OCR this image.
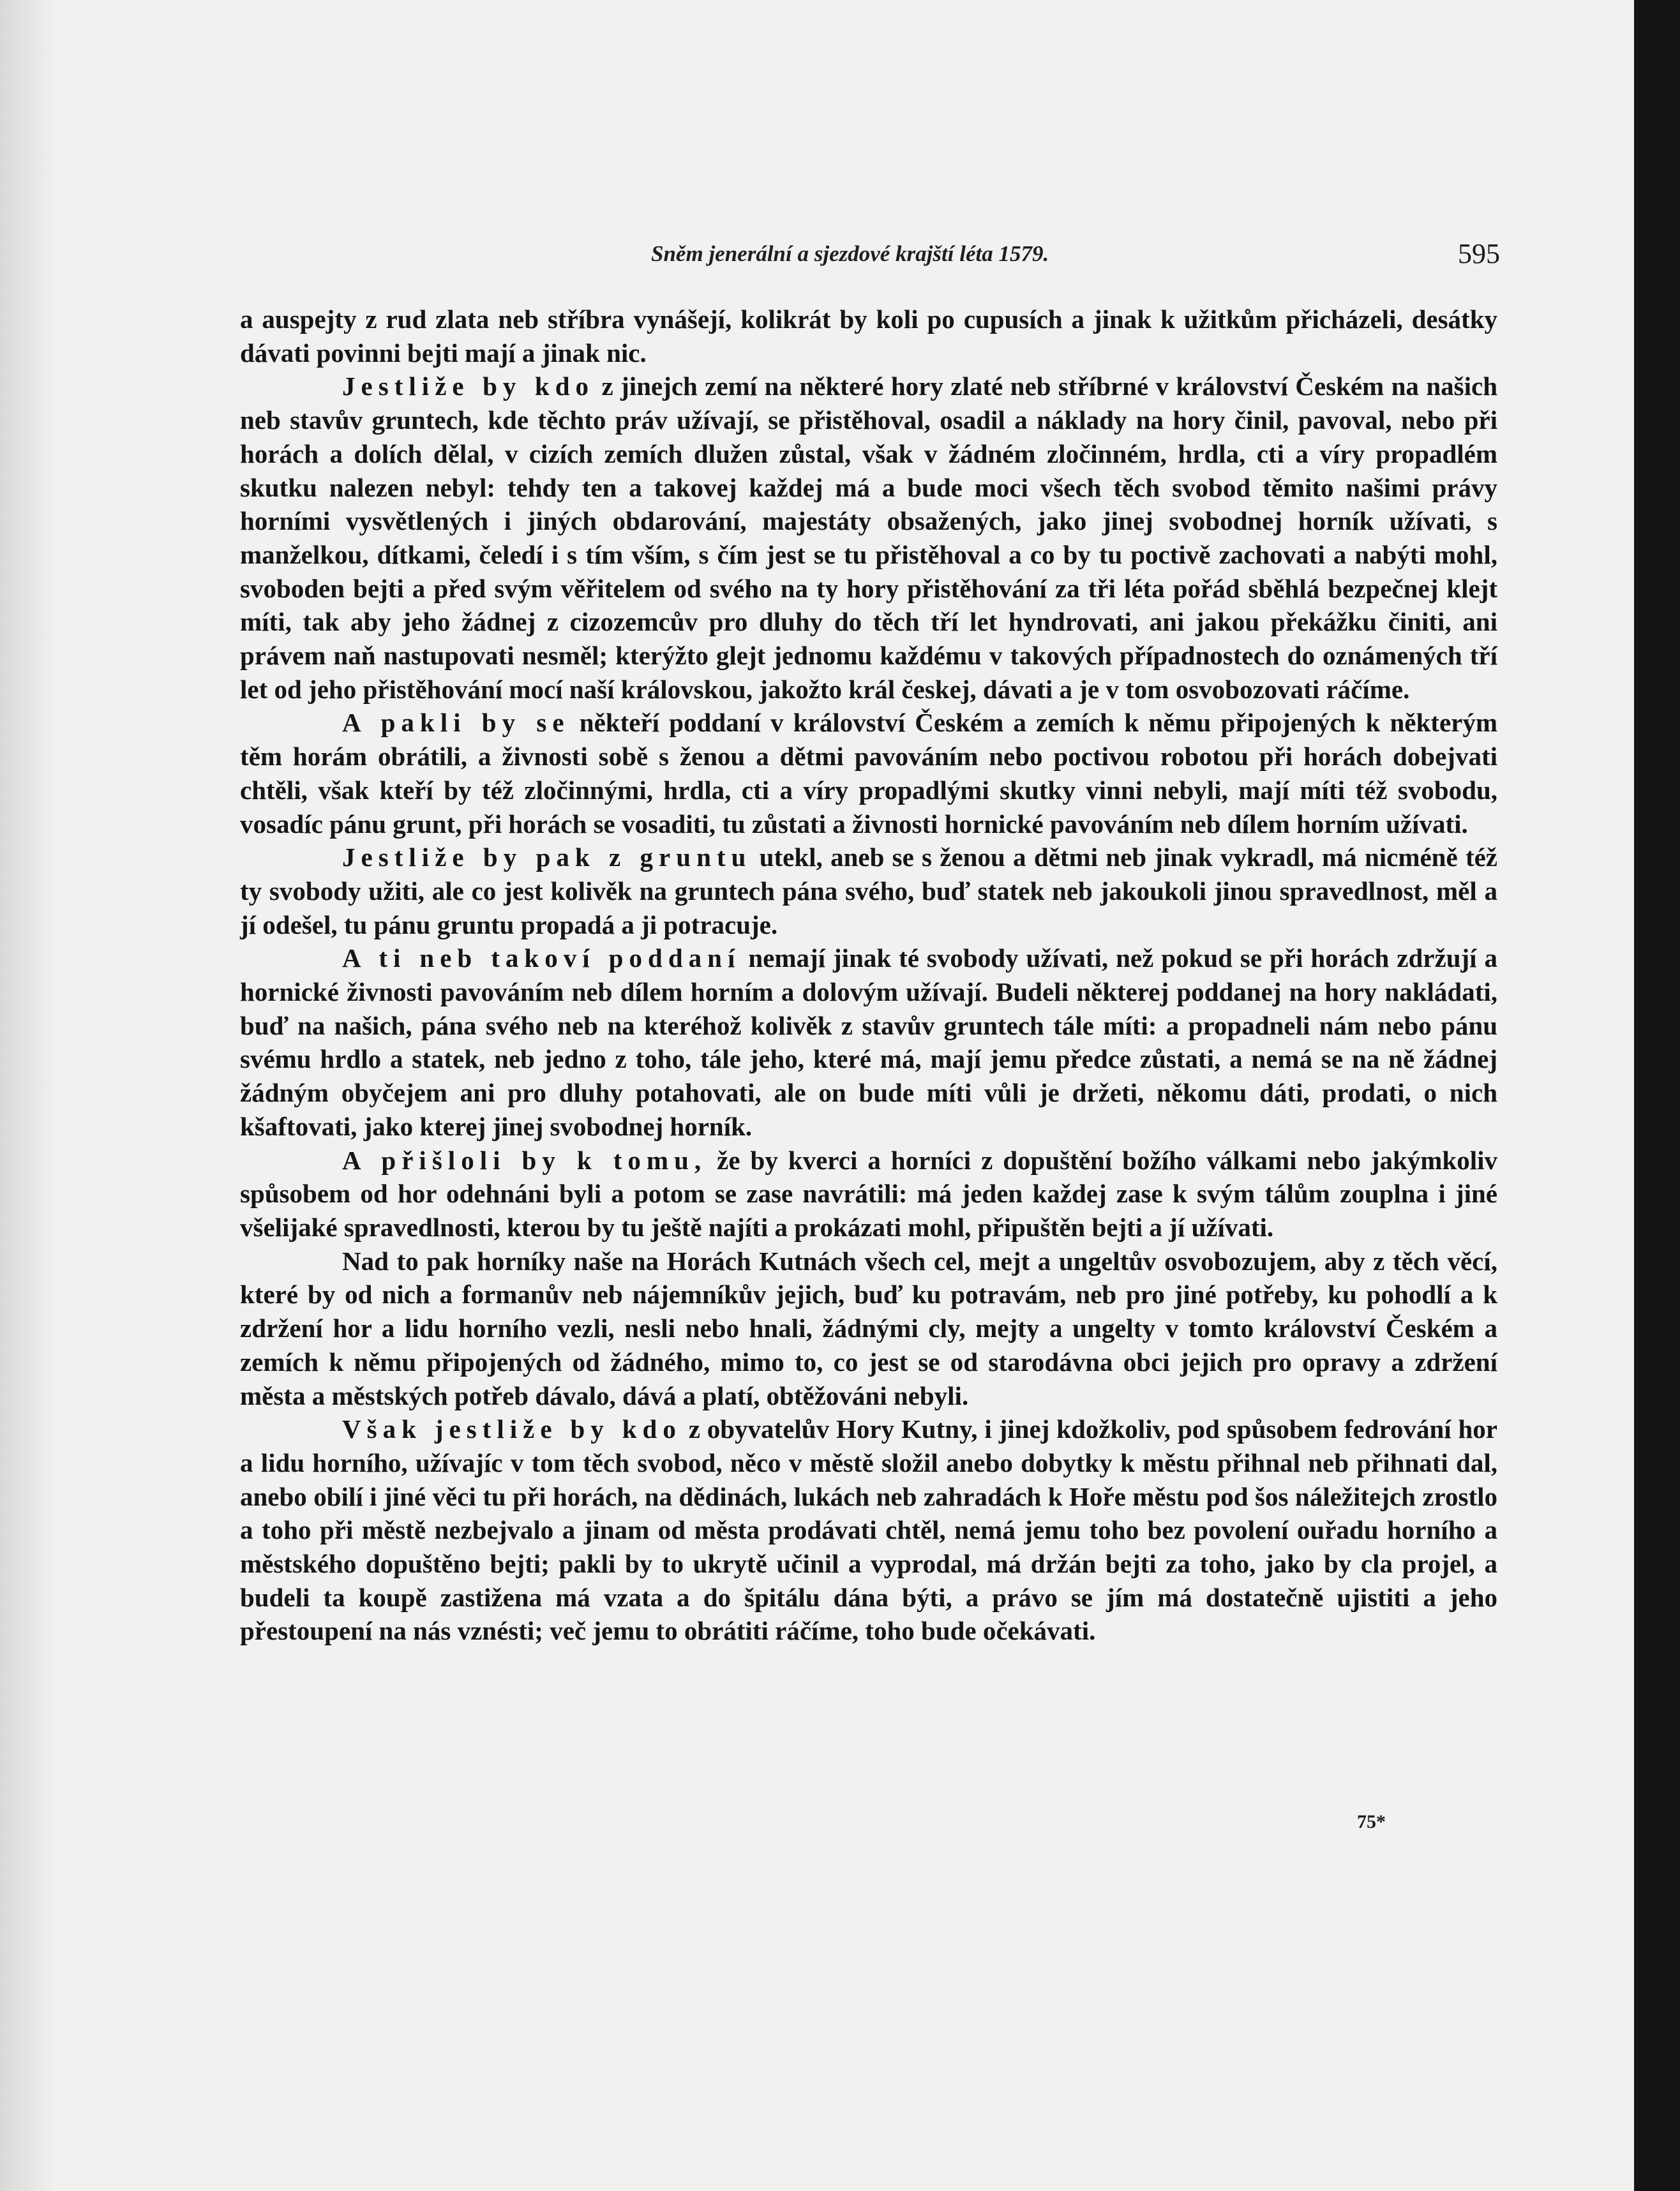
Sněm jenerální a sjezdové krajští léta 1579.	595

a auspejty z rud zlata neb stříbra vynášejí, kolikrát by koli po cupusích a jinak k užitkům přicházeli, desátky dávati povinni bejti mají a jinak nic.

Jestliže by kdo z jinejch zemí na některé hory zlaté neb stříbrné v království Českém na našich neb stavův gruntech, kde těchto práv užívají, se přistěhoval, osadil a náklady na hory činil, pavoval, nebo při horách a dolích dělal, v cizích zemích dlužen zůstal, však v žádném zločinném, hrdla, cti a víry propadlém skutku nalezen nebyl: tehdy ten a takovej každej má a bude moci všech těch svobod těmito našimi právy horními vysvětlených i jiných obdarování, majestáty obsažených, jako jinej svobodnej horník užívati, s manželkou, dítkami, čeledí i s tím vším, s čím jest se tu přistěhoval a co by tu poctivě zachovati a nabýti mohl, svoboden bejti a před svým věřitelem od svého na ty hory přistěhování za tři léta pořád sběhlá bezpečnej klejt míti, tak aby jeho žádnej z cizozemcův pro dluhy do těch tří let hyndrovati, ani jakou překážku činiti, ani právem naň nastupovati nesměl; kterýžto glejt jednomu každému v takových případnostech do oznámených tří let od jeho přistěhování mocí naší královskou, jakožto král českej, dávati a je v tom osvobozovati ráčíme.

A pakli by se někteří poddaní v království Českém a zemích k němu připojených k některým těm horám obrátili, a živnosti sobě s ženou a dětmi pavováním nebo poctivou robotou při horách dobejvati chtěli, však kteří by též zločinnými, hrdla, cti a víry propadlými skutky vinni nebyli, mají míti též svobodu, vosadíc pánu grunt, při horách se vosaditi, tu zůstati a živnosti hornické pavováním neb dílem horním užívati.

Jestliže by pak z gruntu utekl, aneb se s ženou a dětmi neb jinak vykradl, má nicméně též ty svobody užiti, ale co jest kolivěk na gruntech pána svého, buď statek neb jakoukoli jinou spravedlnost, měl a jí odešel, tu pánu gruntu propadá a ji potracuje.

A ti neb takoví poddaní nemají jinak té svobody užívati, než pokud se při horách zdržují a hornické živnosti pavováním neb dílem horním a dolovým užívají. Budeli některej poddanej na hory nakládati, buď na našich, pána svého neb na kteréhož kolivěk z stavův gruntech tále míti: a propadneli nám nebo pánu svému hrdlo a statek, neb jedno z toho, tále jeho, které má, mají jemu předce zůstati, a nemá se na ně žádnej žádným obyčejem ani pro dluhy potahovati, ale on bude míti vůli je držeti, někomu dáti, prodati, o nich kšaftovati, jako kterej jinej svobodnej horník.

A přišloli by k tomu, že by kverci a horníci z dopuštění božího válkami nebo jakýmkoliv spůsobem od hor odehnáni byli a potom se zase navrátili: má jeden každej zase k svým tálům zouplna i jiné všelijaké spravedlnosti, kterou by tu ještě najíti a prokázati mohl, připuštěn bejti a jí užívati.

Nad to pak horníky naše na Horách Kutnách všech cel, mejt a ungeltův osvobozujem, aby z těch věcí, které by od nich a formanův neb nájemníkův jejich, buď ku potravám, neb pro jiné potřeby, ku pohodlí a k zdržení hor a lidu horního vezli, nesli nebo hnali, žádnými cly, mejty a ungelty v tomto království Českém a zemích k němu připojených od žádného, mimo to, co jest se od starodávna obci jejich pro opravy a zdržení města a městských potřeb dávalo, dává a platí, obtěžováni nebyli.

Však jestliže by kdo z obyvatelův Hory Kutny, i jinej kdožkoliv, pod spůsobem fedrování hor a lidu horního, užívajíc v tom těch svobod, něco v městě složil anebo dobytky k městu přihnal neb přihnati dal, anebo obilí i jiné věci tu při horách, na dědinách, lukách neb zahradách k Hoře městu pod šos náležitejch zrostlo a toho při městě nezbejvalo a jinam od města prodávati chtěl, nemá jemu toho bez povolení ouřadu horního a městského dopuštěno bejti; pakli by to ukrytě učinil a vyprodal, má držán bejti za toho, jako by cla projel, a budeli ta koupě zastižena má vzata a do špitálu dána býti, a právo se jím má dostatečně ujistiti a jeho přestoupení na nás vznésti; več jemu to obrátiti ráčíme, toho bude očekávati.

75*
